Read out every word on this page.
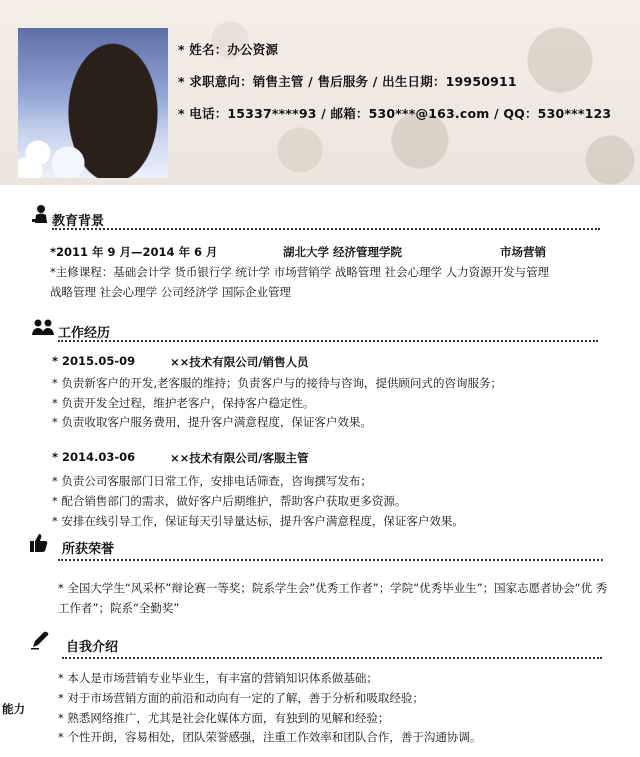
* 姓名：办公资源
* 求职意向：销售主管 / 售后服务 / 出生日期：19950911
* 电话：15337****93 / 邮箱：530***@163.com / QQ：530***123
教育背景
*2011 年 9 月—2014 年 6 月	湖北大学 经济管理学院	市场营销
*主修课程：基础会计学 货币银行学 统计学 市场营销学 战略管理 社会心理学 人力资源开发与管理
战略管理 社会心理学 公司经济学 国际企业管理
工作经历
* 2015.05-09	××技术有限公司/销售人员
* 负责新客户的开发,老客服的维持；负责客户与的接待与咨询，提供顾问式的咨询服务；
* 负责开发全过程，维护老客户，保持客户稳定性。
* 负责收取客户服务费用，提升客户满意程度，保证客户效果。
* 2014.03-06	××技术有限公司/客服主管
* 负责公司客服部门日常工作，安排电话筛查，咨询撰写发布；
* 配合销售部门的需求，做好客户后期维护，帮助客户获取更多资源。
* 安排在线引导工作，保证每天引导量达标，提升客户满意程度，保证客户效果。
所获荣誉
* 全国大学生“风采杯”辩论赛一等奖；院系学生会”优秀工作者”；学院“优秀毕业生”；国家志愿者协会“优 秀
工作者”；院系“全勤奖”
自我介绍
能力
* 本人是市场营销专业毕业生，有丰富的营销知识体系做基础；
* 对于市场营销方面的前沿和动向有一定的了解，善于分析和吸取经验；
* 熟悉网络推广，尤其是社会化媒体方面，有独到的见解和经验；
* 个性开朗，容易相处，团队荣誉感强，注重工作效率和团队合作，善于沟通协调。
